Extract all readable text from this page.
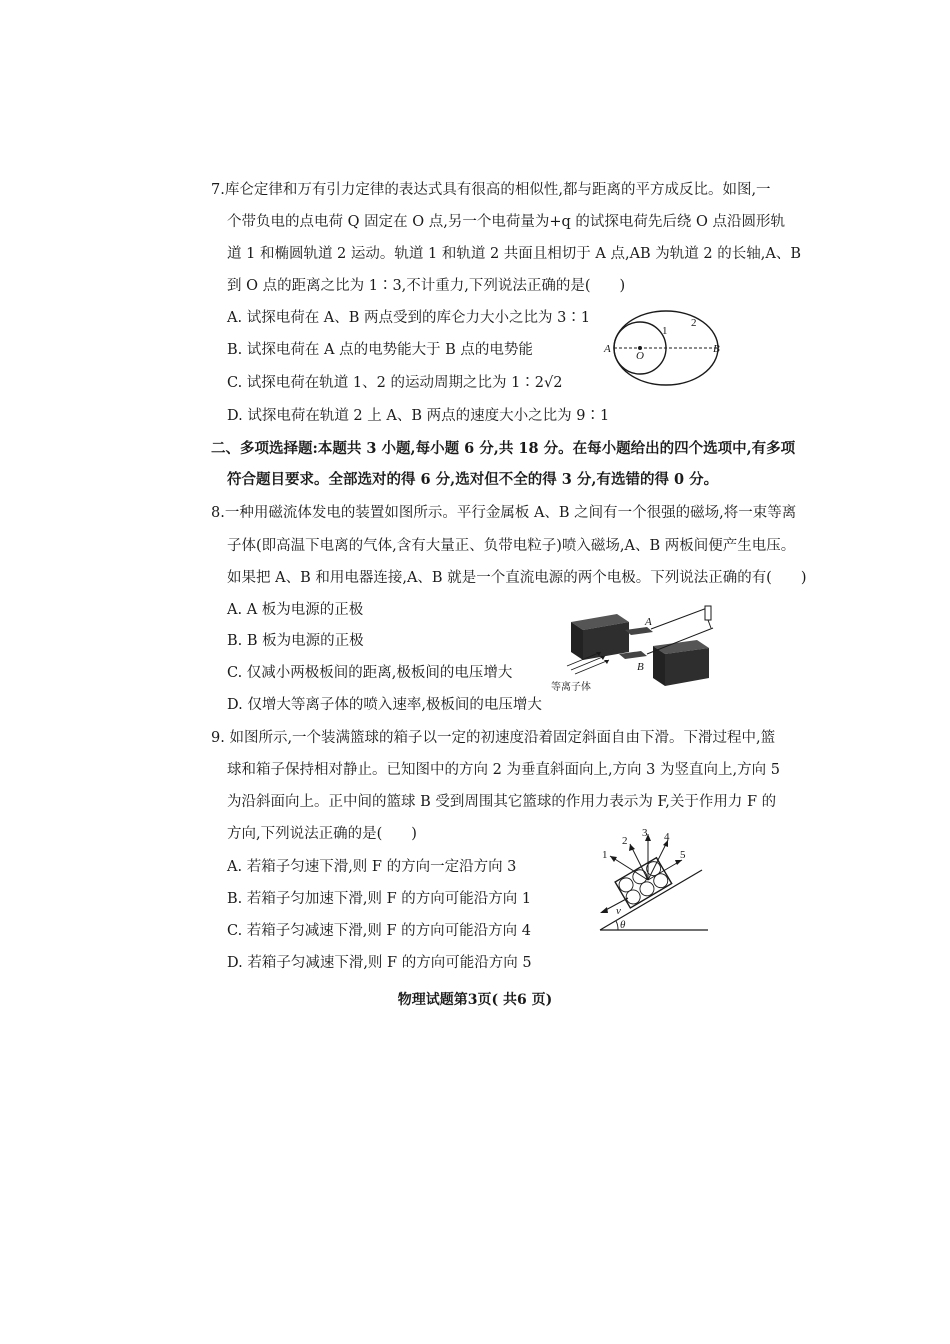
7.库仑定律和万有引力定律的表达式具有很高的相似性,都与距离的平方成反比。如图,一
个带负电的点电荷 Q 固定在 O 点,另一个电荷量为+q 的试探电荷先后绕 O 点沿圆形轨
道 1 和椭圆轨道 2 运动。轨道 1 和轨道 2 共面且相切于 A 点,AB 为轨道 2 的长轴,A、B
到 O 点的距离之比为 1∶3,不计重力,下列说法正确的是(　　)
A. 试探电荷在 A、B 两点受到的库仑力大小之比为 3∶1
B. 试探电荷在 A 点的电势能大于 B 点的电势能
C. 试探电荷在轨道 1、2 的运动周期之比为 1∶2√2
D. 试探电荷在轨道 2 上 A、B 两点的速度大小之比为 9∶1
A
O
B
1
2
二、多项选择题:本题共 3 小题,每小题 6 分,共 18 分。在每小题给出的四个选项中,有多项
符合题目要求。全部选对的得 6 分,选对但不全的得 3 分,有选错的得 0 分。
8.一种用磁流体发电的装置如图所示。平行金属板 A、B 之间有一个很强的磁场,将一束等离
子体(即高温下电离的气体,含有大量正、负带电粒子)喷入磁场,A、B 两板间便产生电压。
如果把 A、B 和用电器连接,A、B 就是一个直流电源的两个电极。下列说法正确的有(　　)
A. A 板为电源的正极
B. B 板为电源的正极
C. 仅减小两极板间的距离,极板间的电压增大
D. 仅增大等离子体的喷入速率,极板间的电压增大
A
B
等离子体
9. 如图所示,一个装满篮球的箱子以一定的初速度沿着固定斜面自由下滑。下滑过程中,篮
球和箱子保持相对静止。已知图中的方向 2 为垂直斜面向上,方向 3 为竖直向上,方向 5
为沿斜面向上。正中间的篮球 B 受到周围其它篮球的作用力表示为 F,关于作用力 F 的
方向,下列说法正确的是(　　)
A. 若箱子匀速下滑,则 F 的方向一定沿方向 3
B. 若箱子匀加速下滑,则 F 的方向可能沿方向 1
C. 若箱子匀减速下滑,则 F 的方向可能沿方向 4
D. 若箱子匀减速下滑,则 F 的方向可能沿方向 5
θ
1
2
3 4
5
v
物理试题第3页( 共6 页)
